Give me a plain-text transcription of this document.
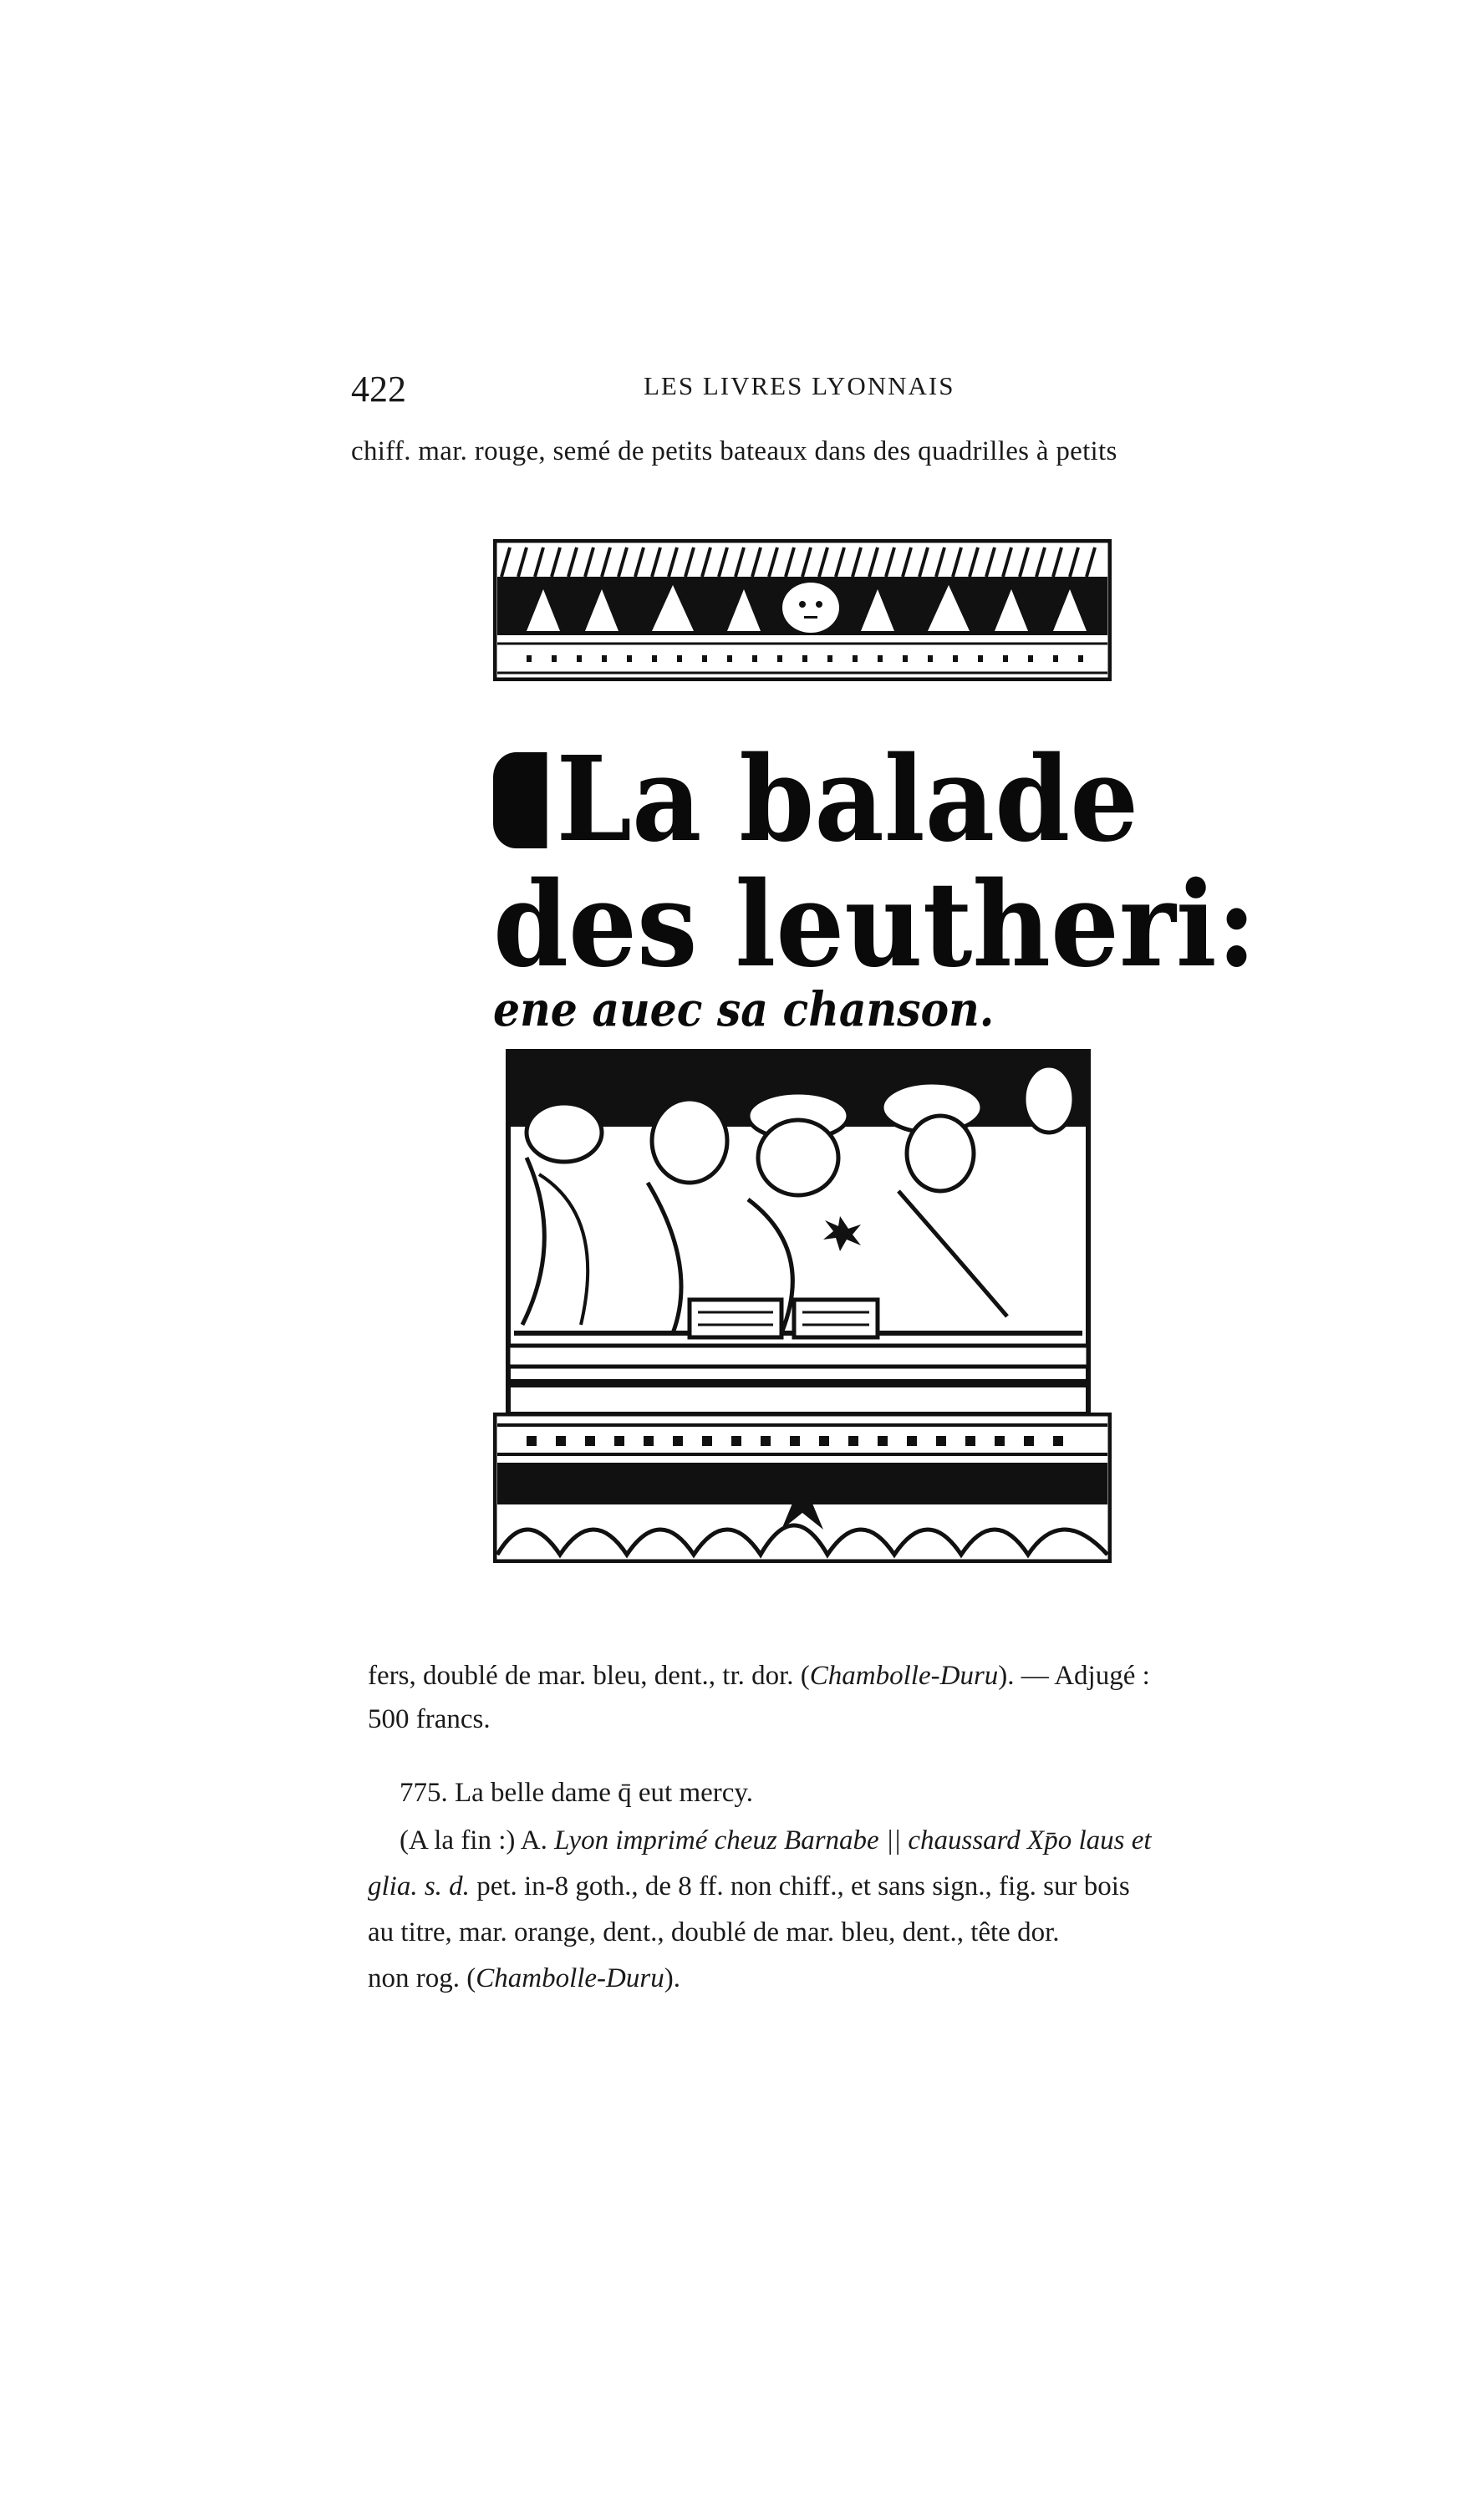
422	LES LIVRES LYONNAIS
chiff. mar. rouge, semé de petits bateaux dans des quadrilles à petits
La balade
des leutheri:
ene auec sa chanson.
fers, doublé de mar. bleu, dent., tr. dor. (Chambolle-Duru). — Adjugé :
500 francs.
775. La belle dame q̄ eut mercy.
(A la fin :) A. Lyon imprimé cheuz Barnabe || chaussard Xp̄o laus et
glia. s. d. pet. in-8 goth., de 8 ff. non chiff., et sans sign., fig. sur bois
au titre, mar. orange, dent., doublé de mar. bleu, dent., tête dor.
non rog. (Chambolle-Duru).
